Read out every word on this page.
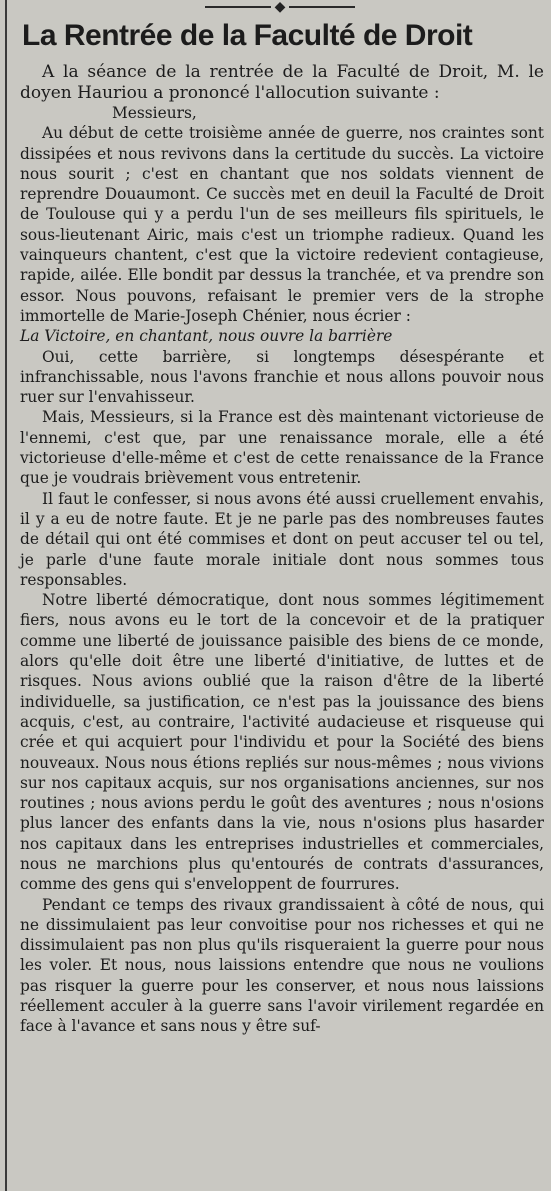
◆
La Rentrée de la Faculté de Droit

A la séance de la rentrée de la Faculté de Droit, M. le doyen Hauriou a prononcé l'allocution suivante :

Messieurs,

Au début de cette troisième année de guerre, nos craintes sont dissipées et nous revivons dans la certitude du succès. La victoire nous sourit ; c'est en chantant que nos soldats viennent de reprendre Douaumont. Ce succès met en deuil la Faculté de Droit de Toulouse qui y a perdu l'un de ses meilleurs fils spirituels, le sous-lieutenant Airic, mais c'est un triomphe radieux. Quand les vainqueurs chantent, c'est que la victoire redevient contagieuse, rapide, ailée. Elle bondit par dessus la tranchée, et va prendre son essor. Nous pouvons, refaisant le premier vers de la strophe immortelle de Marie-Joseph Chénier, nous écrier :

La Victoire, en chantant, nous ouvre la barrière

Oui, cette barrière, si longtemps désespérante et infranchissable, nous l'avons franchie et nous allons pouvoir nous ruer sur l'envahisseur.

Mais, Messieurs, si la France est dès maintenant victorieuse de l'ennemi, c'est que, par une renaissance morale, elle a été victorieuse d'elle-même et c'est de cette renaissance de la France que je voudrais brièvement vous entretenir.

Il faut le confesser, si nous avons été aussi cruellement envahis, il y a eu de notre faute. Et je ne parle pas des nombreuses fautes de détail qui ont été commises et dont on peut accuser tel ou tel, je parle d'une faute morale initiale dont nous sommes tous responsables.

Notre liberté démocratique, dont nous sommes légitimement fiers, nous avons eu le tort de la concevoir et de la pratiquer comme une liberté de jouissance paisible des biens de ce monde, alors qu'elle doit être une liberté d'initiative, de luttes et de risques. Nous avions oublié que la raison d'être de la liberté individuelle, sa justification, ce n'est pas la jouissance des biens acquis, c'est, au contraire, l'activité audacieuse et risqueuse qui crée et qui acquiert pour l'individu et pour la Société des biens nouveaux. Nous nous étions repliés sur nous-mêmes ; nous vivions sur nos capitaux acquis, sur nos organisations anciennes, sur nos routines ; nous avions perdu le goût des aventures ; nous n'osions plus lancer des enfants dans la vie, nous n'osions plus hasarder nos capitaux dans les entreprises industrielles et commerciales, nous ne marchions plus qu'entourés de contrats d'assurances, comme des gens qui s'enveloppent de fourrures.

Pendant ce temps des rivaux grandissaient à côté de nous, qui ne dissimulaient pas leur convoitise pour nos richesses et qui ne dissimulaient pas non plus qu'ils risqueraient la guerre pour nous les voler. Et nous, nous laissions entendre que nous ne voulions pas risquer la guerre pour les conserver, et nous nous laissions réellement acculer à la guerre sans l'avoir virilement regardée en face à l'avance et sans nous y être suf-
